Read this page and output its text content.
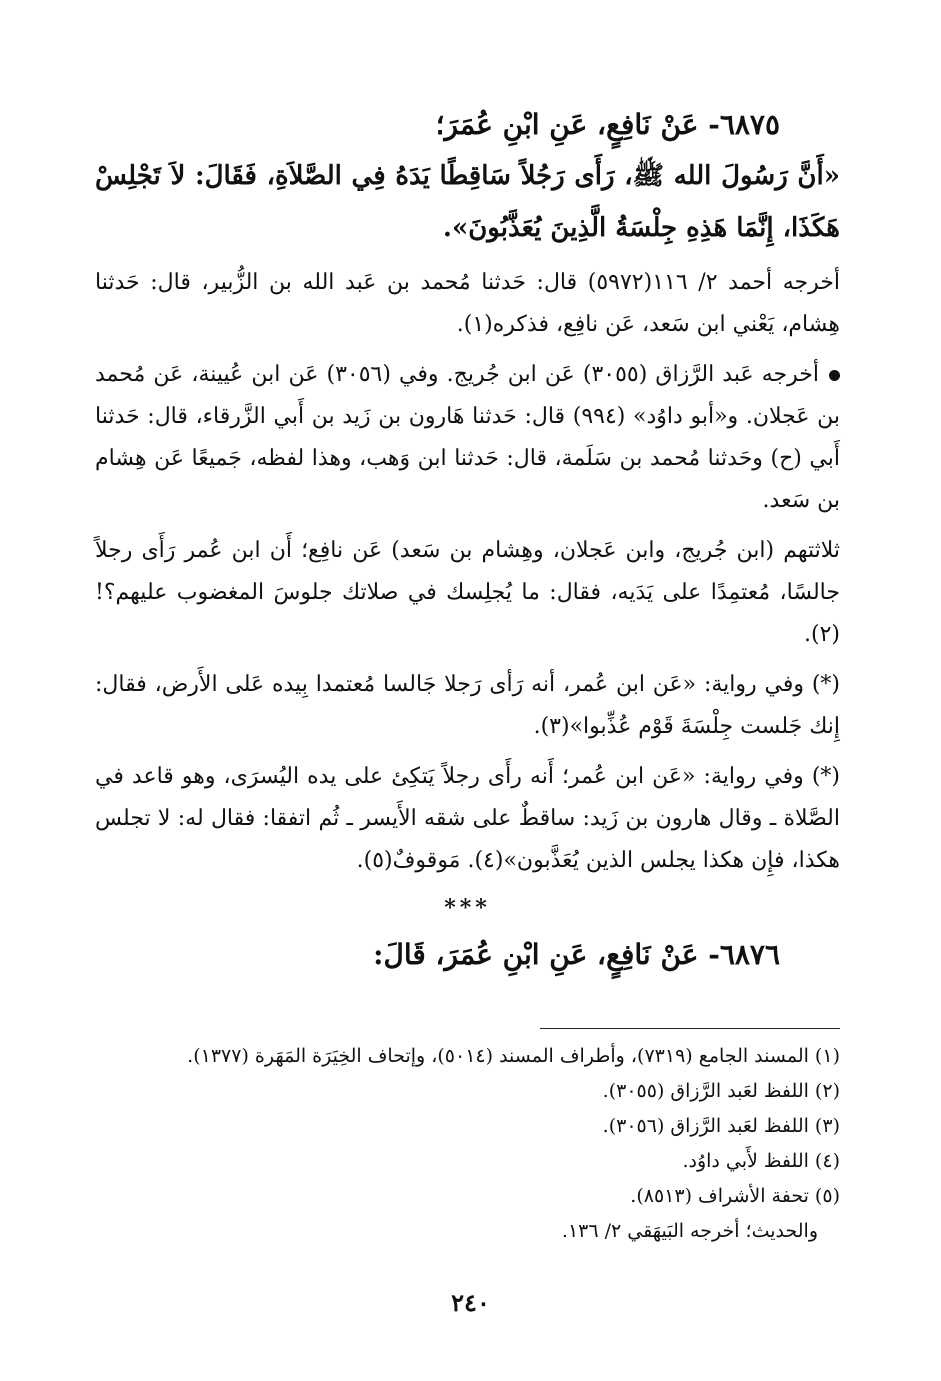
٦٨٧٥- عَنْ نَافِعٍ، عَنِ ابْنِ عُمَرَ؛

«أَنَّ رَسُولَ الله ﷺ، رَأَى رَجُلاً سَاقِطًا يَدَهُ فِي الصَّلاَةِ، فَقَالَ: لاَ تَجْلِسْ هَكَذَا، إِنَّمَا هَذِهِ جِلْسَةُ الَّذِينَ يُعَذَّبُونَ».

أخرجه أحمد ٢/ ١١٦(٥٩٧٢) قال: حَدثنا مُحمد بن عَبد الله بن الزُّبير، قال: حَدثنا هِشام، يَعْني ابن سَعد، عَن نافِع، فذكره(١).

أخرجه عَبد الرَّزاق (٣٠٥٥) عَن ابن جُريج. وفي (٣٠٥٦) عَن ابن عُيينة، عَن مُحمد بن عَجلان. و«أبو داوُد» (٩٩٤) قال: حَدثنا هَارون بن زَيد بن أَبي الزَّرقاء، قال: حَدثنا أَبي (ح) وحَدثنا مُحمد بن سَلَمة، قال: حَدثنا ابن وَهب، وهذا لفظه، جَميعًا عَن هِشام بن سَعد.

ثلاثتهم (ابن جُريج، وابن عَجلان، وهِشام بن سَعد) عَن نافِع؛ أَن ابن عُمر رَأَى رجلاً جالسًا، مُعتمِدًا على يَدَيه، فقال: ما يُجلِسك في صلاتك جلوسَ المغضوب عليهم؟!(٢).

(*) وفي رواية: «عَن ابن عُمر، أنه رَأى رَجلا جَالسا مُعتمدا بِيده عَلى الأَرض، فقال: إِنك جَلست جِلْسَةَ قَوْم عُذِّبوا»(٣).

(*) وفي رواية: «عَن ابن عُمر؛ أَنه رأَى رجلاً يَتكِئ على يده اليُسرَى، وهو قاعد في الصَّلاة ـ وقال هارون بن زَيد: ساقطٌ على شقه الأَيسر ـ ثُم اتفقا: فقال له: لا تجلس هكذا، فإِن هكذا يجلس الذين يُعَذَّبون»(٤). مَوقوفٌ(٥).

***

٦٨٧٦- عَنْ نَافِعٍ، عَنِ ابْنِ عُمَرَ، قَالَ:

(١) المسند الجامع (٧٣١٩)، وأطراف المسند (٥٠١٤)، وإتحاف الخِيَرَة المَهَرة (١٣٧٧).
(٢) اللفظ لعَبد الرَّزاق (٣٠٥٥).
(٣) اللفظ لعَبد الرَّزاق (٣٠٥٦).
(٤) اللفظ لأَبي داوُد.
(٥) تحفة الأشراف (٨٥١٣).
والحديث؛ أخرجه البَيهَقي ٢/ ١٣٦.
٢٤٠
